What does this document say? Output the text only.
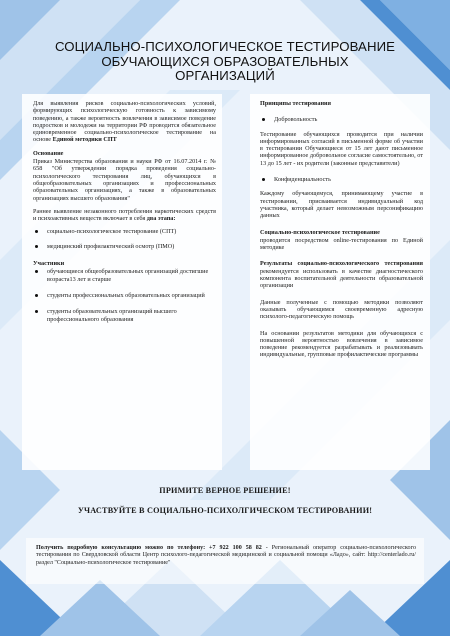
СОЦИАЛЬНО-ПСИХОЛОГИЧЕСКОЕ ТЕСТИРОВАНИЕ
ОБУЧАЮЩИХСЯ ОБРАЗОВАТЕЛЬНЫХ
ОРГАНИЗАЦИЙ

Для выявления рисков социально-психологических условий, формирующих психологическую готовность к зависимому поведению, а также вероятность вовлечения в зависимое поведение подростков и молодежи на территории РФ проводится обязательное единовременное социально-психологическое тестирование на основе Единой методики СПТ

Основание

Приказ Министерства образования и науки РФ от 16.07.2014 г. № 658 "Об утверждении порядка проведения социально-психологического тестирования лиц, обучающихся в общеобразовательных организациях и профессиональных образовательных организациях, а также в образовательных организациях высшего образования"

Раннее выявление незаконного потребления наркотических средств и психоактивных веществ включает в себя два этапа:

социально-психологическое тестирование (СПТ)
медицинский профилактический осмотр (ПМО)

Участники

обучающиеся общеобразовательных организаций достигшие возраста13 лет и старше
студенты профессиональных образовательных организаций
студенты образовательных организаций высшего профессионального образования

Принципы тестирования

Добровольность

Тестирование обучающихся проводится при наличии информированных согласий в письменной форме об участии в тестировании Обучающиеся от 15 лет дают письменное информированное добровольное согласие самостоятельно, от 13 до 15 лет - их родители (законные представители)

Конфиденциальность

Каждому обучающемуся, принимающему участие в тестировании, присваивается индивидуальный код участника, который делает невозможным персонификацию данных

Социально-психологическое тестирование

проводится посредством online-тестирования по Единой методике

Результаты социально-психологического тестирования рекомендуется использовать в качестве диагностического компонента воспитательной деятельности образовательной организации

Данные полученные с помощью методики позволяют оказывать обучающимся своевременную адресную психолого-педагогическую помощь

На основании результатов методики для обучающихся с повышенной вероятностью вовлечения в зависимое поведение рекомендуется разрабатывать и реализовывать индивидуальные, групповые профилактические программы

ПРИМИТЕ ВЕРНОЕ РЕШЕНИЕ!
УЧАСТВУЙТЕ В СОЦИАЛЬНО-ПСИХОЛГИЧЕСКОМ ТЕСТИРОВАНИИ!
Получить подробную консультацию можно по телефону: +7 922 100 58 82 - Региональный оператор социально-психологического тестирования по Свердловской области Центр психолого-педагогической медицинской и социальной помощи «Ладо», сайт: http://centerlado.ru/ раздел "Социально-психологическое тестирование"
